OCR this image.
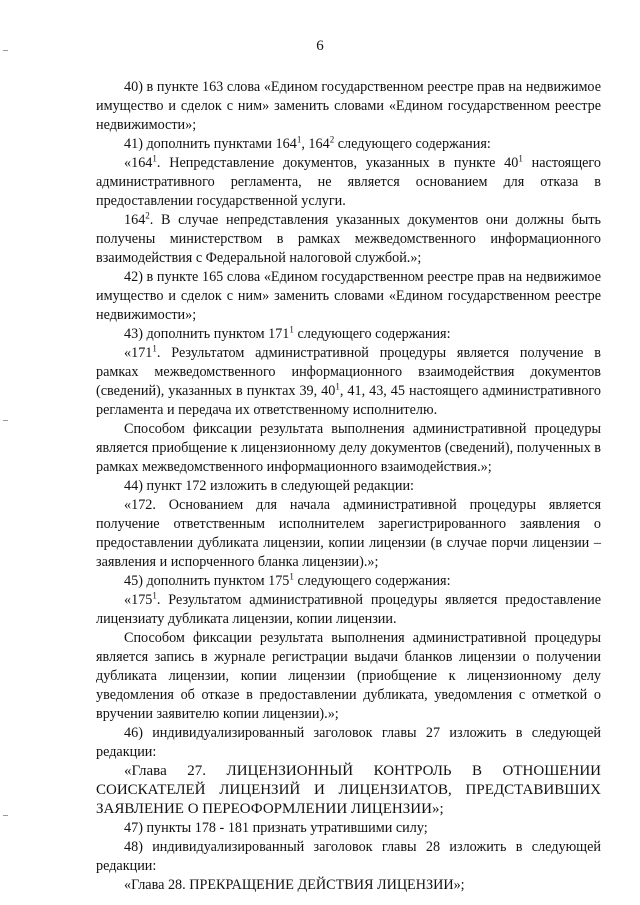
6

40) в пункте 163 слова «Едином государственном реестре прав на недвижимое имущество и сделок с ним» заменить словами «Едином государственном реестре недвижимости»;

41) дополнить пунктами $164^1$, $164^2$ следующего содержания:

«$164^1$. Непредставление документов, указанных в пункте $40^1$ настоящего административного регламента, не является основанием для отказа в предоставлении государственной услуги.

$164^2$. В случае непредставления указанных документов они должны быть получены министерством в рамках межведомственного информационного взаимодействия с Федеральной налоговой службой.»;

42) в пункте 165 слова «Едином государственном реестре прав на недвижимое имущество и сделок с ним» заменить словами «Едином государственном реестре недвижимости»;

43) дополнить пунктом $171^1$ следующего содержания:

«$171^1$. Результатом административной процедуры является получение в рамках межведомственного информационного взаимодействия документов (сведений), указанных в пунктах 39, $40^1$, 41, 43, 45 настоящего административного регламента и передача их ответственному исполнителю.

Способом фиксации результата выполнения административной процедуры является приобщение к лицензионному делу документов (сведений), полученных в рамках межведомственного информационного взаимодействия.»;

44) пункт 172 изложить в следующей редакции:

«172. Основанием для начала административной процедуры является получение ответственным исполнителем зарегистрированного заявления о предоставлении дубликата лицензии, копии лицензии (в случае порчи лицензии – заявления и испорченного бланка лицензии).»;

45) дополнить пунктом $175^1$ следующего содержания:

«$175^1$. Результатом административной процедуры является предоставление лицензиату дубликата лицензии, копии лицензии.

Способом фиксации результата выполнения административной процедуры является запись в журнале регистрации выдачи бланков лицензии о получении дубликата лицензии, копии лицензии (приобщение к лицензионному делу уведомления об отказе в предоставлении дубликата, уведомления с отметкой о вручении заявителю копии лицензии).»;

46) индивидуализированный заголовок главы 27 изложить в следующей редакции:

«Глава 27. ЛИЦЕНЗИОННЫЙ КОНТРОЛЬ В ОТНОШЕНИИ СОИСКАТЕЛЕЙ ЛИЦЕНЗИЙ И ЛИЦЕНЗИАТОВ, ПРЕДСТАВИВШИХ ЗАЯВЛЕНИЕ О ПЕРЕОФОРМЛЕНИИ ЛИЦЕНЗИИ»;

47) пункты 178 - 181 признать утратившими силу;

48) индивидуализированный заголовок главы 28 изложить в следующей редакции:

«Глава 28. ПРЕКРАЩЕНИЕ ДЕЙСТВИЯ ЛИЦЕНЗИИ»;
